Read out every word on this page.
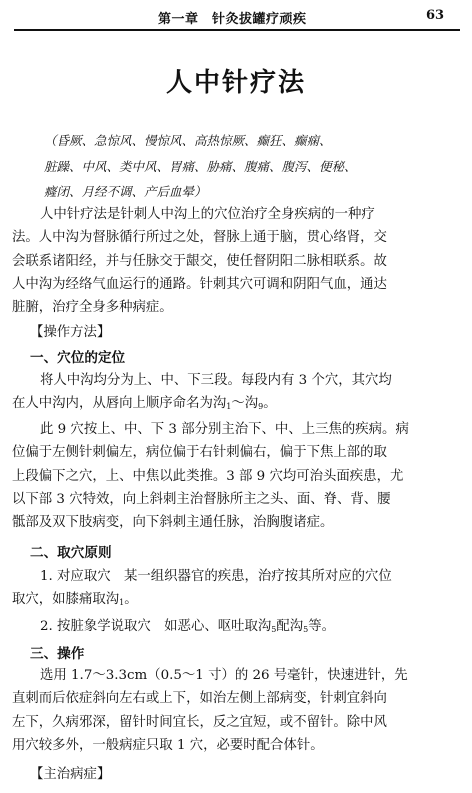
第一章　针灸拔罐疗顽疾	63
人中针疗法
（昏厥、急惊风、慢惊风、高热惊厥、癫狂、癫痫、
脏躁、中风、类中风、胃痛、胁痛、腹痛、腹泻、便秘、
癃闭、月经不调、产后血晕）
人中针疗法是针刺人中沟上的穴位治疗全身疾病的一种疗
法。人中沟为督脉循行所过之处，督脉上通于脑，贯心络肾，交
会联系诸阳经，并与任脉交于龈交，使任督阴阳二脉相联系。故
人中沟为经络气血运行的通路。针刺其穴可调和阴阳气血，通达
脏腑，治疗全身多种病症。
【操作方法】
一、穴位的定位
将人中沟均分为上、中、下三段。每段内有 3 个穴，其穴均
在人中沟内，从唇向上顺序命名为沟$_1$～沟$_9$。
此 9 穴按上、中、下 3 部分别主治下、中、上三焦的疾病。病
位偏于左侧针刺偏左，病位偏于右针刺偏右，偏于下焦上部的取
上段偏下之穴，上、中焦以此类推。3 部 9 穴均可治头面疾患，尤
以下部 3 穴特效，向上斜刺主治督脉所主之头、面、脊、背、腰
骶部及双下肢病变，向下斜刺主通任脉，治胸腹诸症。
二、取穴原则
1. 对应取穴　某一组织器官的疾患，治疗按其所对应的穴位
取穴，如膝痛取沟$_1$。
2. 按脏象学说取穴　如恶心、呕吐取沟$_5$配沟$_5$等。
三、操作
选用 1.7～3.3cm（0.5～1 寸）的 26 号毫针，快速进针，先
直刺而后依症斜向左右或上下，如治左侧上部病变，针刺宜斜向
左下，久病邪深，留针时间宜长，反之宜短，或不留针。除中风
用穴较多外，一般病症只取 1 穴，必要时配合体针。
【主治病症】
